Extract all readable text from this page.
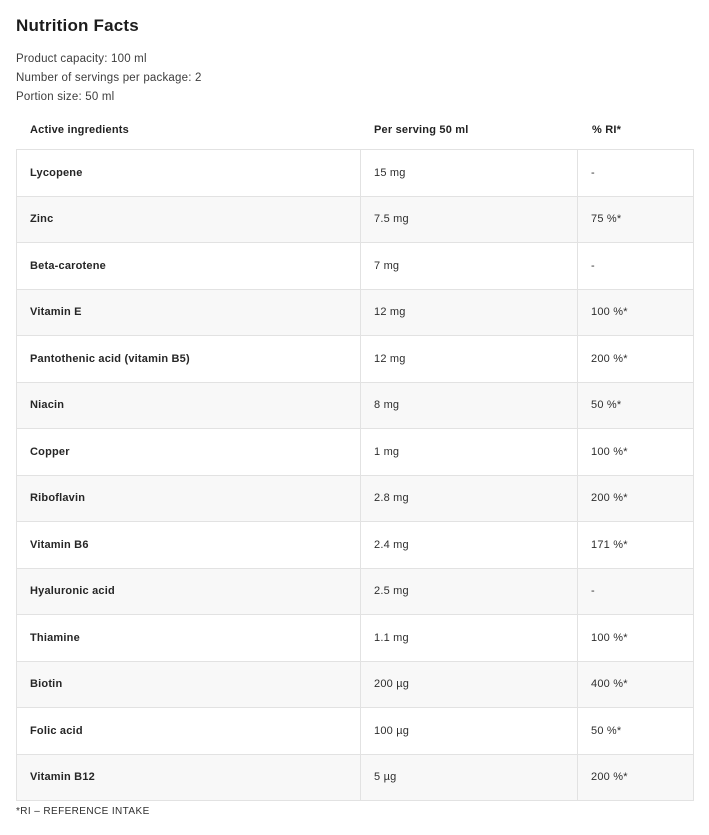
Nutrition Facts
Product capacity: 100 ml
Number of servings per package: 2
Portion size: 50 ml
Active ingredients	Per serving 50 ml	% RI*
Lycopene	15 mg	-
Zinc	7.5 mg	75 %*
Beta-carotene	7 mg	-
Vitamin E	12 mg	100 %*
Pantothenic acid (vitamin B5)	12 mg	200 %*
Niacin	8 mg	50 %*
Copper	1 mg	100 %*
Riboflavin	2.8 mg	200 %*
Vitamin B6	2.4 mg	171 %*
Hyaluronic acid	2.5 mg	-
Thiamine	1.1 mg	100 %*
Biotin	200 µg	400 %*
Folic acid	100 µg	50 %*
Vitamin B12	5 µg	200 %*
*RI – REFERENCE INTAKE
